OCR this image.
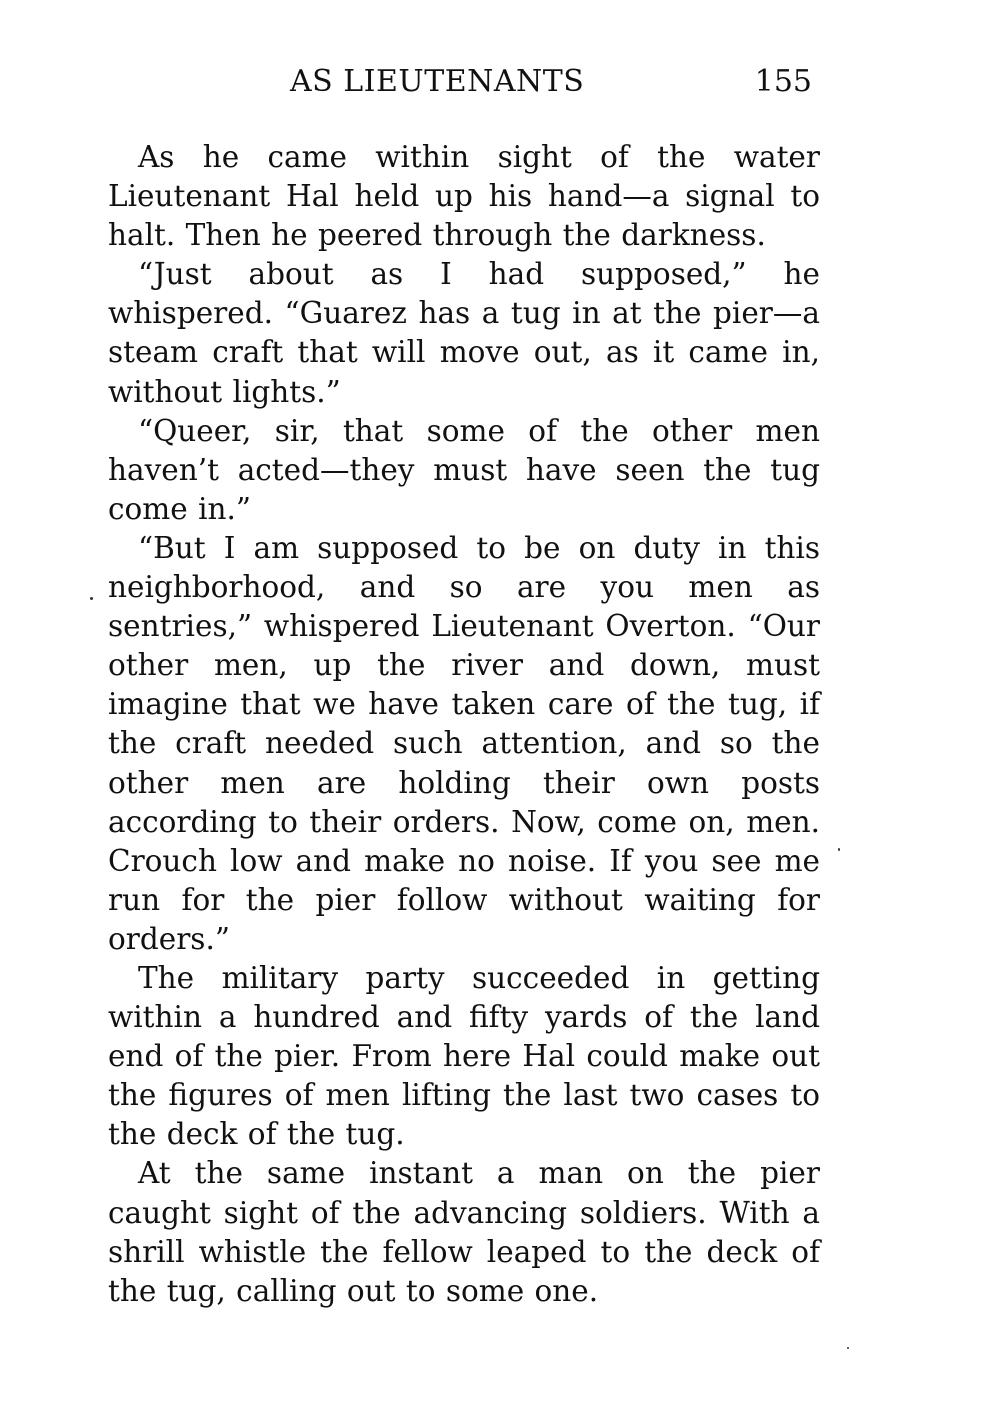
AS LIEUTENANTS	155

As he came within sight of the water Lieutenant Hal held up his hand—a signal to halt. Then he peered through the darkness.

“Just about as I had supposed,” he whispered. “Guarez has a tug in at the pier—a steam craft that will move out, as it came in, without lights.”

“Queer, sir, that some of the other men haven’t acted—they must have seen the tug come in.”

“But I am supposed to be on duty in this neighborhood, and so are you men as sentries,” whispered Lieutenant Overton. “Our other men, up the river and down, must imagine that we have taken care of the tug, if the craft needed such attention, and so the other men are holding their own posts according to their orders. Now, come on, men. Crouch low and make no noise. If you see me run for the pier follow without waiting for orders.”

The military party succeeded in getting within a hundred and fifty yards of the land end of the pier. From here Hal could make out the figures of men lifting the last two cases to the deck of the tug.

At the same instant a man on the pier caught sight of the advancing soldiers. With a shrill whistle the fellow leaped to the deck of the tug, calling out to some one.
